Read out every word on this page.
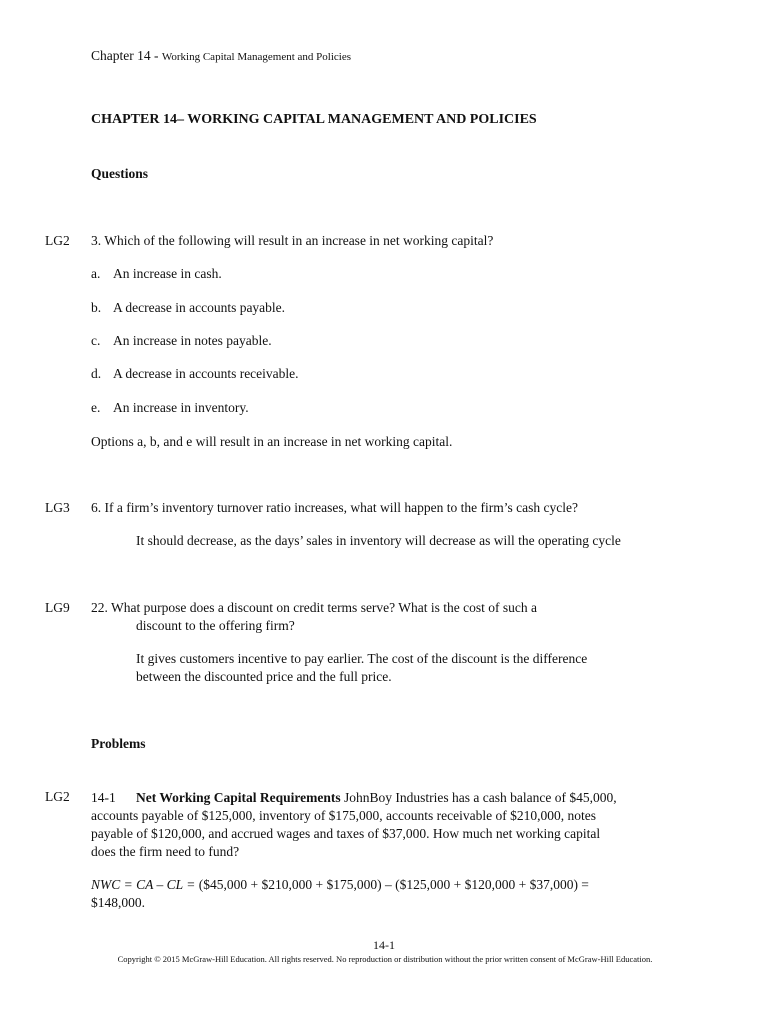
Chapter 14 - Working Capital Management and Policies
CHAPTER 14– WORKING CAPITAL MANAGEMENT AND POLICIES
Questions
LG2 3. Which of the following will result in an increase in net working capital?
a. An increase in cash.
b. A decrease in accounts payable.
c. An increase in notes payable.
d. A decrease in accounts receivable.
e. An increase in inventory.
Options a, b, and e will result in an increase in net working capital.
LG3 6. If a firm’s inventory turnover ratio increases, what will happen to the firm’s cash cycle?
It should decrease, as the days’ sales in inventory will decrease as will the operating cycle
LG9 22. What purpose does a discount on credit terms serve? What is the cost of such a
discount to the offering firm?
It gives customers incentive to pay earlier. The cost of the discount is the difference
between the discounted price and the full price.
Problems
LG2 14-1 Net Working Capital Requirements JohnBoy Industries has a cash balance of $45,000,
accounts payable of $125,000, inventory of $175,000, accounts receivable of $210,000, notes
payable of $120,000, and accrued wages and taxes of $37,000. How much net working capital
does the firm need to fund?
NWC = CA – CL = ($45,000 + $210,000 + $175,000) – ($125,000 + $120,000 + $37,000) =
$148,000.
14-1
Copyright © 2015 McGraw-Hill Education. All rights reserved. No reproduction or distribution without the prior written consent of McGraw-Hill Education.
